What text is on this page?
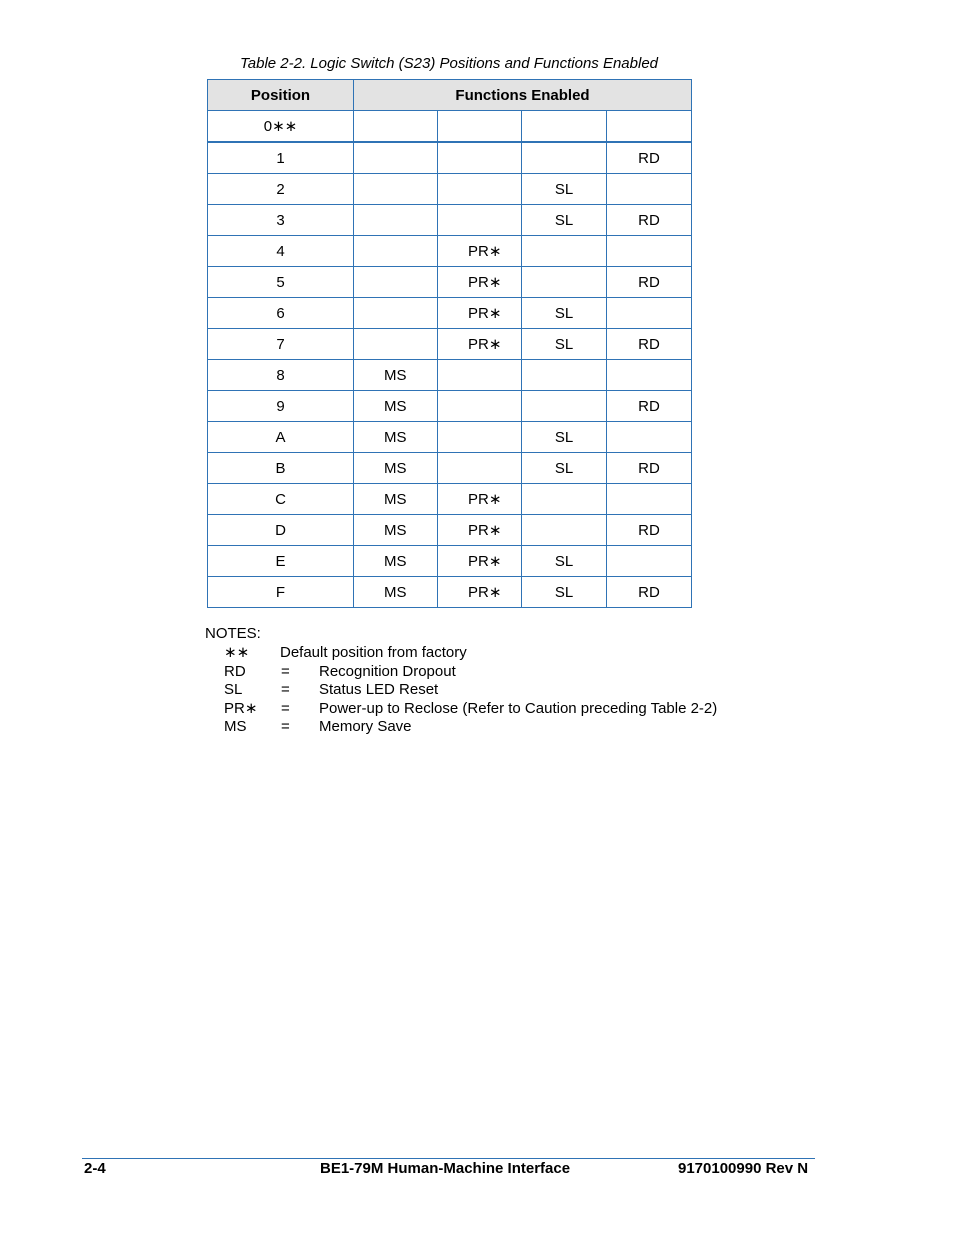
Table 2-2. Logic Switch (S23) Positions and Functions Enabled
Position	Functions Enabled			
0∗∗				
1				RD
2			SL	
3			SL	RD
4		PR∗		
5		PR∗		RD
6		PR∗	SL	
7		PR∗	SL	RD
8	MS			
9	MS			RD
A	MS		SL	
B	MS		SL	RD
C	MS	PR∗		
D	MS	PR∗		RD
E	MS	PR∗	SL	
F	MS	PR∗	SL	RD
NOTES:
∗∗ Default position from factory
RD = Recognition Dropout
SL	= Status LED Reset
PR∗ = Power-up to Reclose (Refer to Caution preceding Table 2-2)
MS = Memory Save
2-4	BE1-79M Human-Machine Interface	9170100990 Rev N
